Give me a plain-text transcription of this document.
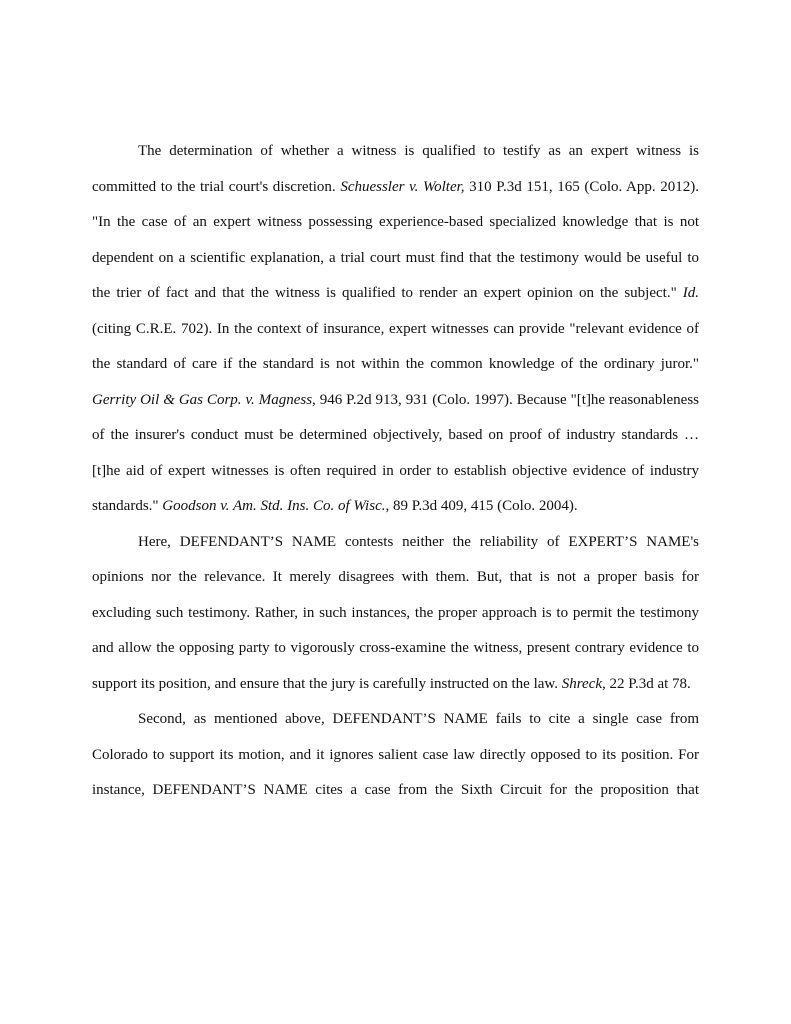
The determination of whether a witness is qualified to testify as an expert witness is committed to the trial court's discretion. Schuessler v. Wolter, 310 P.3d 151, 165 (Colo. App. 2012). "In the case of an expert witness possessing experience-based specialized knowledge that is not dependent on a scientific explanation, a trial court must find that the testimony would be useful to the trier of fact and that the witness is qualified to render an expert opinion on the subject." Id. (citing C.R.E. 702). In the context of insurance, expert witnesses can provide "relevant evidence of the standard of care if the standard is not within the common knowledge of the ordinary juror." Gerrity Oil & Gas Corp. v. Magness, 946 P.2d 913, 931 (Colo. 1997). Because "[t]he reasonableness of the insurer's conduct must be determined objectively, based on proof of industry standards … [t]he aid of expert witnesses is often required in order to establish objective evidence of industry standards." Goodson v. Am. Std. Ins. Co. of Wisc., 89 P.3d 409, 415 (Colo. 2004).

Here, DEFENDANT’S NAME contests neither the reliability of EXPERT’S NAME's opinions nor the relevance. It merely disagrees with them. But, that is not a proper basis for excluding such testimony. Rather, in such instances, the proper approach is to permit the testimony and allow the opposing party to vigorously cross-examine the witness, present contrary evidence to support its position, and ensure that the jury is carefully instructed on the law. Shreck, 22 P.3d at 78.

Second, as mentioned above, DEFENDANT’S NAME fails to cite a single case from Colorado to support its motion, and it ignores salient case law directly opposed to its position. For instance, DEFENDANT’S NAME cites a case from the Sixth Circuit for the proposition that
